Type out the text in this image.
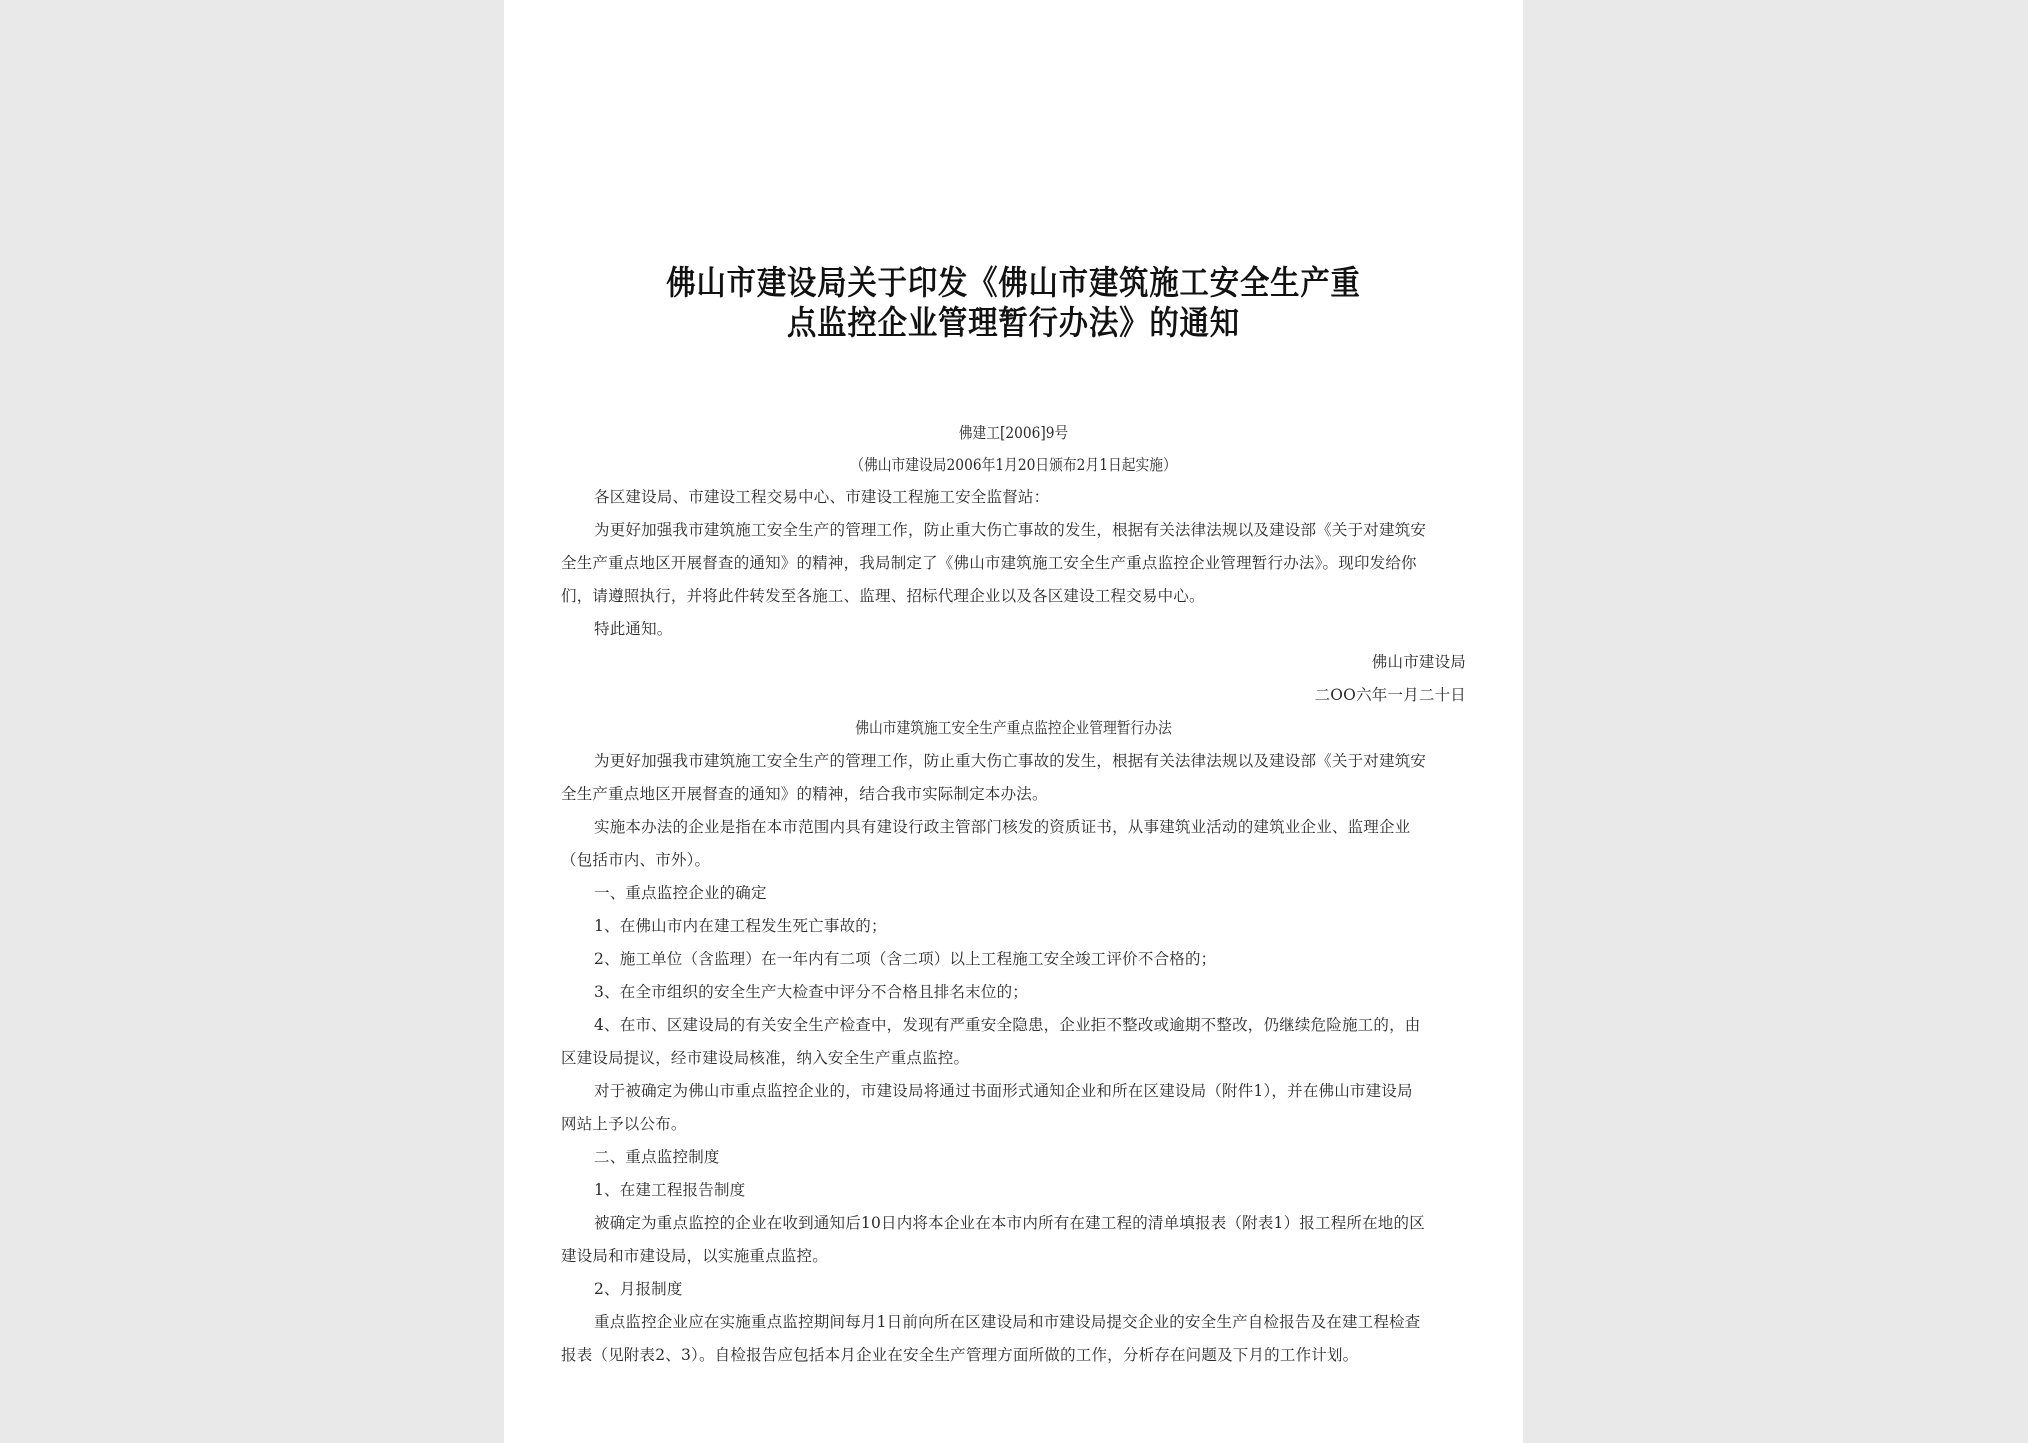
佛山市建设局关于印发《佛山市建筑施工安全生产重
点监控企业管理暂行办法》的通知
佛建工[2006]9号
（佛山市建设局2006年1月20日颁布2月1日起实施）
各区建设局、市建设工程交易中心、市建设工程施工安全监督站：
为更好加强我市建筑施工安全生产的管理工作，防止重大伤亡事故的发生，根据有关法律法规以及建设部《关于对建筑安
全生产重点地区开展督查的通知》的精神，我局制定了《佛山市建筑施工安全生产重点监控企业管理暂行办法》。现印发给你
们，请遵照执行，并将此件转发至各施工、监理、招标代理企业以及各区建设工程交易中心。
特此通知。
佛山市建设局
二OO六年一月二十日
佛山市建筑施工安全生产重点监控企业管理暂行办法
为更好加强我市建筑施工安全生产的管理工作，防止重大伤亡事故的发生，根据有关法律法规以及建设部《关于对建筑安
全生产重点地区开展督查的通知》的精神，结合我市实际制定本办法。
实施本办法的企业是指在本市范围内具有建设行政主管部门核发的资质证书，从事建筑业活动的建筑业企业、监理企业
（包括市内、市外）。
一、重点监控企业的确定
1、在佛山市内在建工程发生死亡事故的；
2、施工单位（含监理）在一年内有二项（含二项）以上工程施工安全竣工评价不合格的；
3、在全市组织的安全生产大检查中评分不合格且排名末位的；
4、在市、区建设局的有关安全生产检查中，发现有严重安全隐患，企业拒不整改或逾期不整改，仍继续危险施工的，由
区建设局提议，经市建设局核准，纳入安全生产重点监控。
对于被确定为佛山市重点监控企业的，市建设局将通过书面形式通知企业和所在区建设局（附件1），并在佛山市建设局
网站上予以公布。
二、重点监控制度
1、在建工程报告制度
被确定为重点监控的企业在收到通知后10日内将本企业在本市内所有在建工程的清单填报表（附表1）报工程所在地的区
建设局和市建设局，以实施重点监控。
2、月报制度
重点监控企业应在实施重点监控期间每月1日前向所在区建设局和市建设局提交企业的安全生产自检报告及在建工程检查
报表（见附表2、3）。自检报告应包括本月企业在安全生产管理方面所做的工作，分析存在问题及下月的工作计划。
